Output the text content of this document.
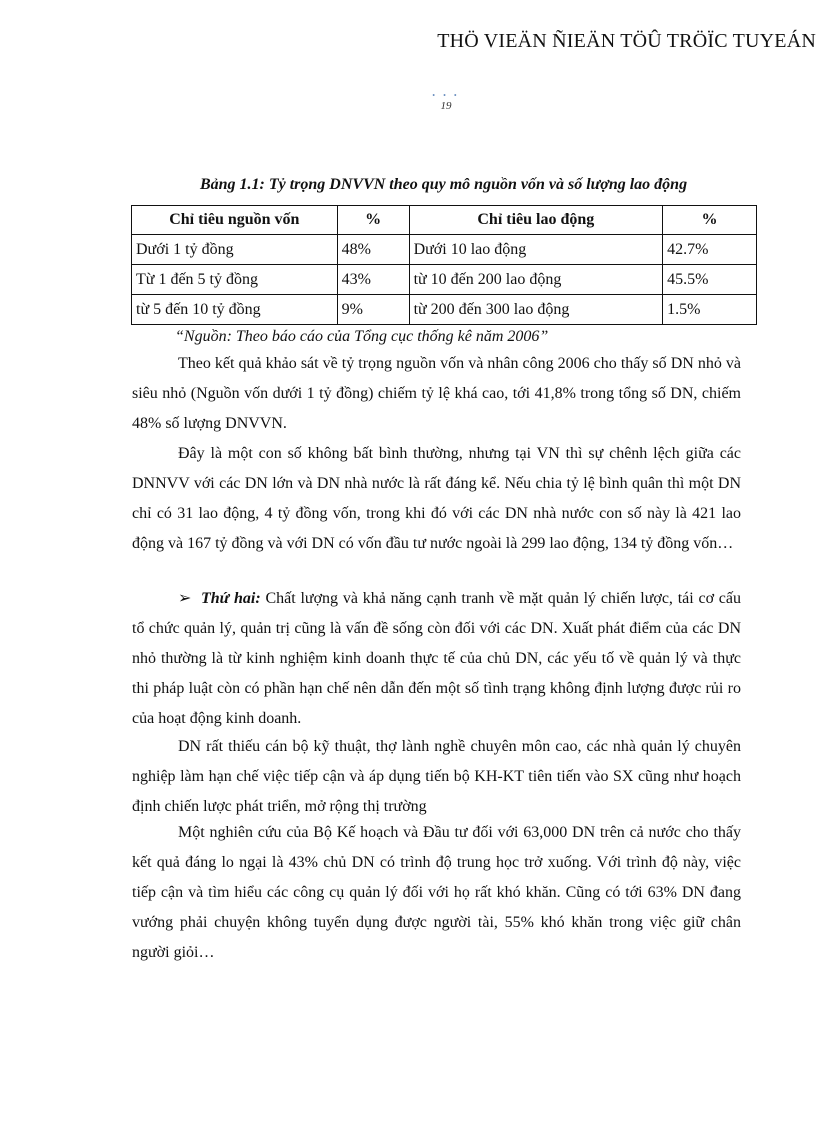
THÖ VIEÄN ÑIEÄN TÖÛ TRÖÏC TUYEÁN
• • •
19
Bảng 1.1: Tỷ trọng DNVVN theo quy mô nguồn vốn và số lượng lao động
Chỉ tiêu nguồn vốn	%	Chỉ tiêu lao động	%
Dưới 1 tỷ đồng	48%	Dưới 10 lao động	42.7%
Từ 1 đến 5 tỷ đồng	43%	từ 10 đến 200 lao động	45.5%
từ 5 đến 10 tỷ đồng	9%	từ 200 đến 300 lao động	1.5%
“Nguồn: Theo báo cáo của Tổng cục thống kê năm 2006”

Theo kết quả khảo sát về tỷ trọng nguồn vốn và nhân công 2006 cho thấy số DN nhỏ và siêu nhỏ (Nguồn vốn dưới 1 tỷ đồng) chiếm tỷ lệ khá cao, tới 41,8% trong tổng số DN, chiếm 48% số lượng DNVVN.

Đây là một con số không bất bình thường, nhưng tại VN thì sự chênh lệch giữa các DNNVV với các DN lớn và DN nhà nước là rất đáng kể. Nếu chia tỷ lệ bình quân thì một DN chỉ có 31 lao động, 4 tỷ đồng vốn, trong khi đó với các DN nhà nước con số này là 421 lao động và 167 tỷ đồng và với DN có vốn đầu tư nước ngoài là 299 lao động, 134 tỷ đồng vốn…

➢ Thứ hai: Chất lượng và khả năng cạnh tranh về mặt quản lý chiến lược, tái cơ cấu tổ chức quản lý, quản trị cũng là vấn đề sống còn đối với các DN. Xuất phát điểm của các DN nhỏ thường là từ kinh nghiệm kinh doanh thực tế của chủ DN, các yếu tố về quản lý và thực thi pháp luật còn có phần hạn chế nên dẫn đến một số tình trạng không định lượng được rủi ro của hoạt động kinh doanh.

DN rất thiếu cán bộ kỹ thuật, thợ lành nghề chuyên môn cao, các nhà quản lý chuyên nghiệp làm hạn chế việc tiếp cận và áp dụng tiến bộ KH-KT tiên tiến vào SX cũng như hoạch định chiến lược phát triển, mở rộng thị trường

Một nghiên cứu của Bộ Kế hoạch và Đầu tư đối với 63,000 DN trên cả nước cho thấy kết quả đáng lo ngại là 43% chủ DN có trình độ trung học trở xuống. Với trình độ này, việc tiếp cận và tìm hiểu các công cụ quản lý đối với họ rất khó khăn. Cũng có tới 63% DN đang vướng phải chuyện không tuyển dụng được người tài, 55% khó khăn trong việc giữ chân người giỏi…
